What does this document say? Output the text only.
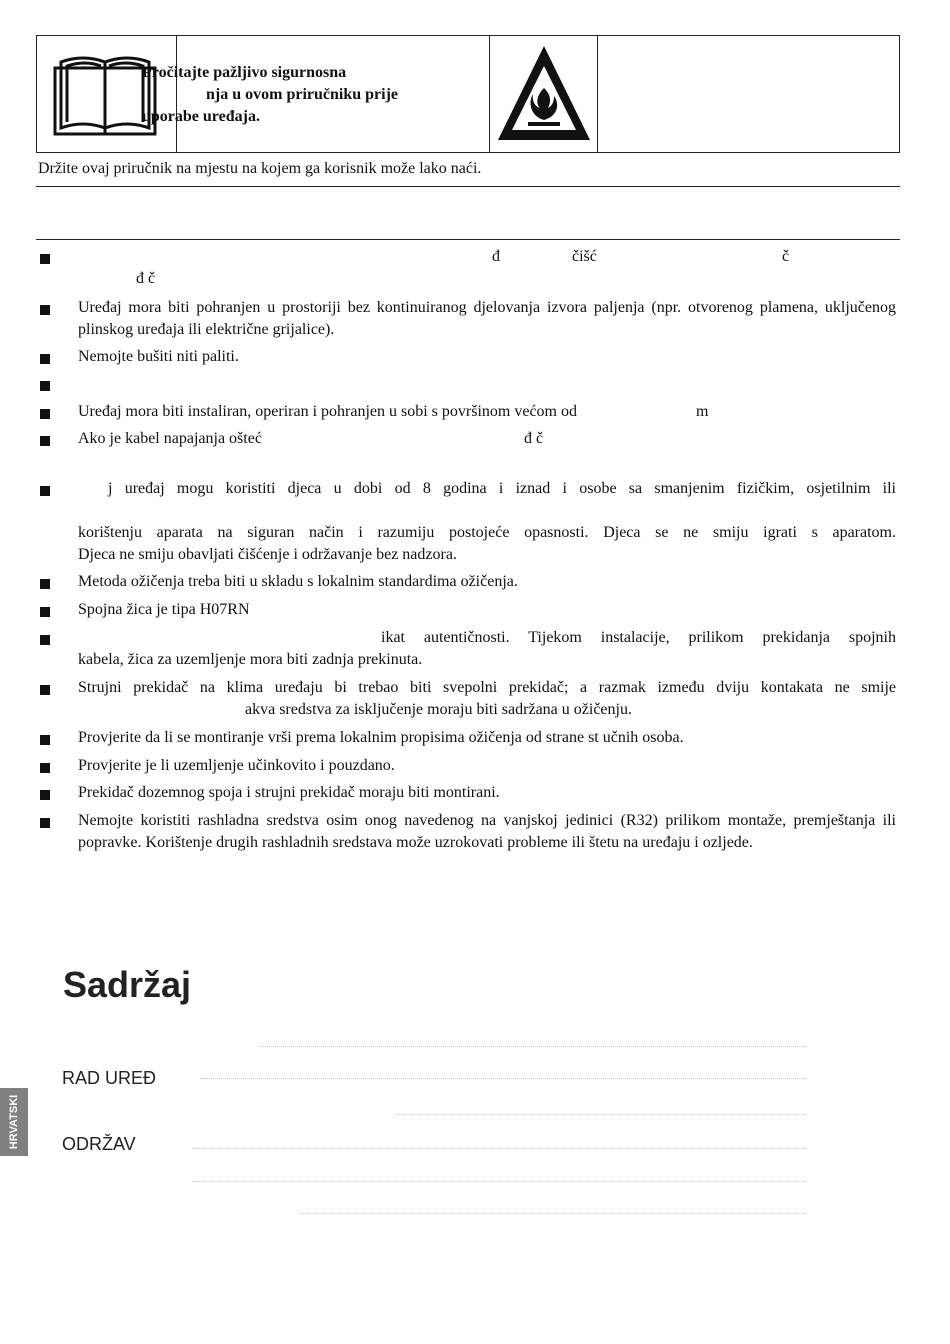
Pročitajte pažljivo sigurnosna
nja u ovom priručniku prije
uporabe uređaja.
Držite ovaj priručnik na mjestu na kojem ga korisnik može lako naći.
đ	čišć	č
đ č
Uređaj mora biti pohranjen u prostoriji bez kontinuiranog djelovanja izvora paljenja (npr. otvorenog plamena, uključenog plinskog uređaja ili električne grijalice).
Nemojte bušiti niti paliti.
Uređaj mora biti instaliran, operiran i pohranjen u sobi s površinom većom od	m
Ako je kabel napajanja ošteć	đ č
j uređaj mogu koristiti djeca u dobi od 8 godina i iznad i osobe sa smanjenim fizičkim, osjetilnim ili
korištenju aparata na siguran način i razumiju postojeće opasnosti. Djeca se ne smiju igrati s aparatom.
Djeca ne smiju obavljati čišćenje i održavanje bez nadzora.
Metoda ožičenja treba biti u skladu s lokalnim standardima ožičenja.
Spojna žica je tipa H07RN
ikat autentičnosti. Tijekom instalacije, prilikom prekidanja spojnih
kabela, žica za uzemljenje mora biti zadnja prekinuta.
Strujni prekidač na klima uređaju bi trebao biti svepolni prekidač; a razmak između dviju kontakata ne smije
akva sredstva za isključenje moraju biti sadržana u ožičenju.
Provjerite da li se montiranje vrši prema lokalnim propisima ožičenja od strane st učnih osoba.
Provjerite je li uzemljenje učinkovito i pouzdano.
Prekidač dozemnog spoja i strujni prekidač moraju biti montirani.
Nemojte koristiti rashladna sredstva osim onog navedenog na vanjskoj jedinici (R32) prilikom montaže, premještanja ili popravke. Korištenje drugih rashladnih sredstava može uzrokovati probleme ili štetu na uređaju i ozljede.
Sadržaj
RAD UREĐ
ODRŽAV
HRVATSKI
